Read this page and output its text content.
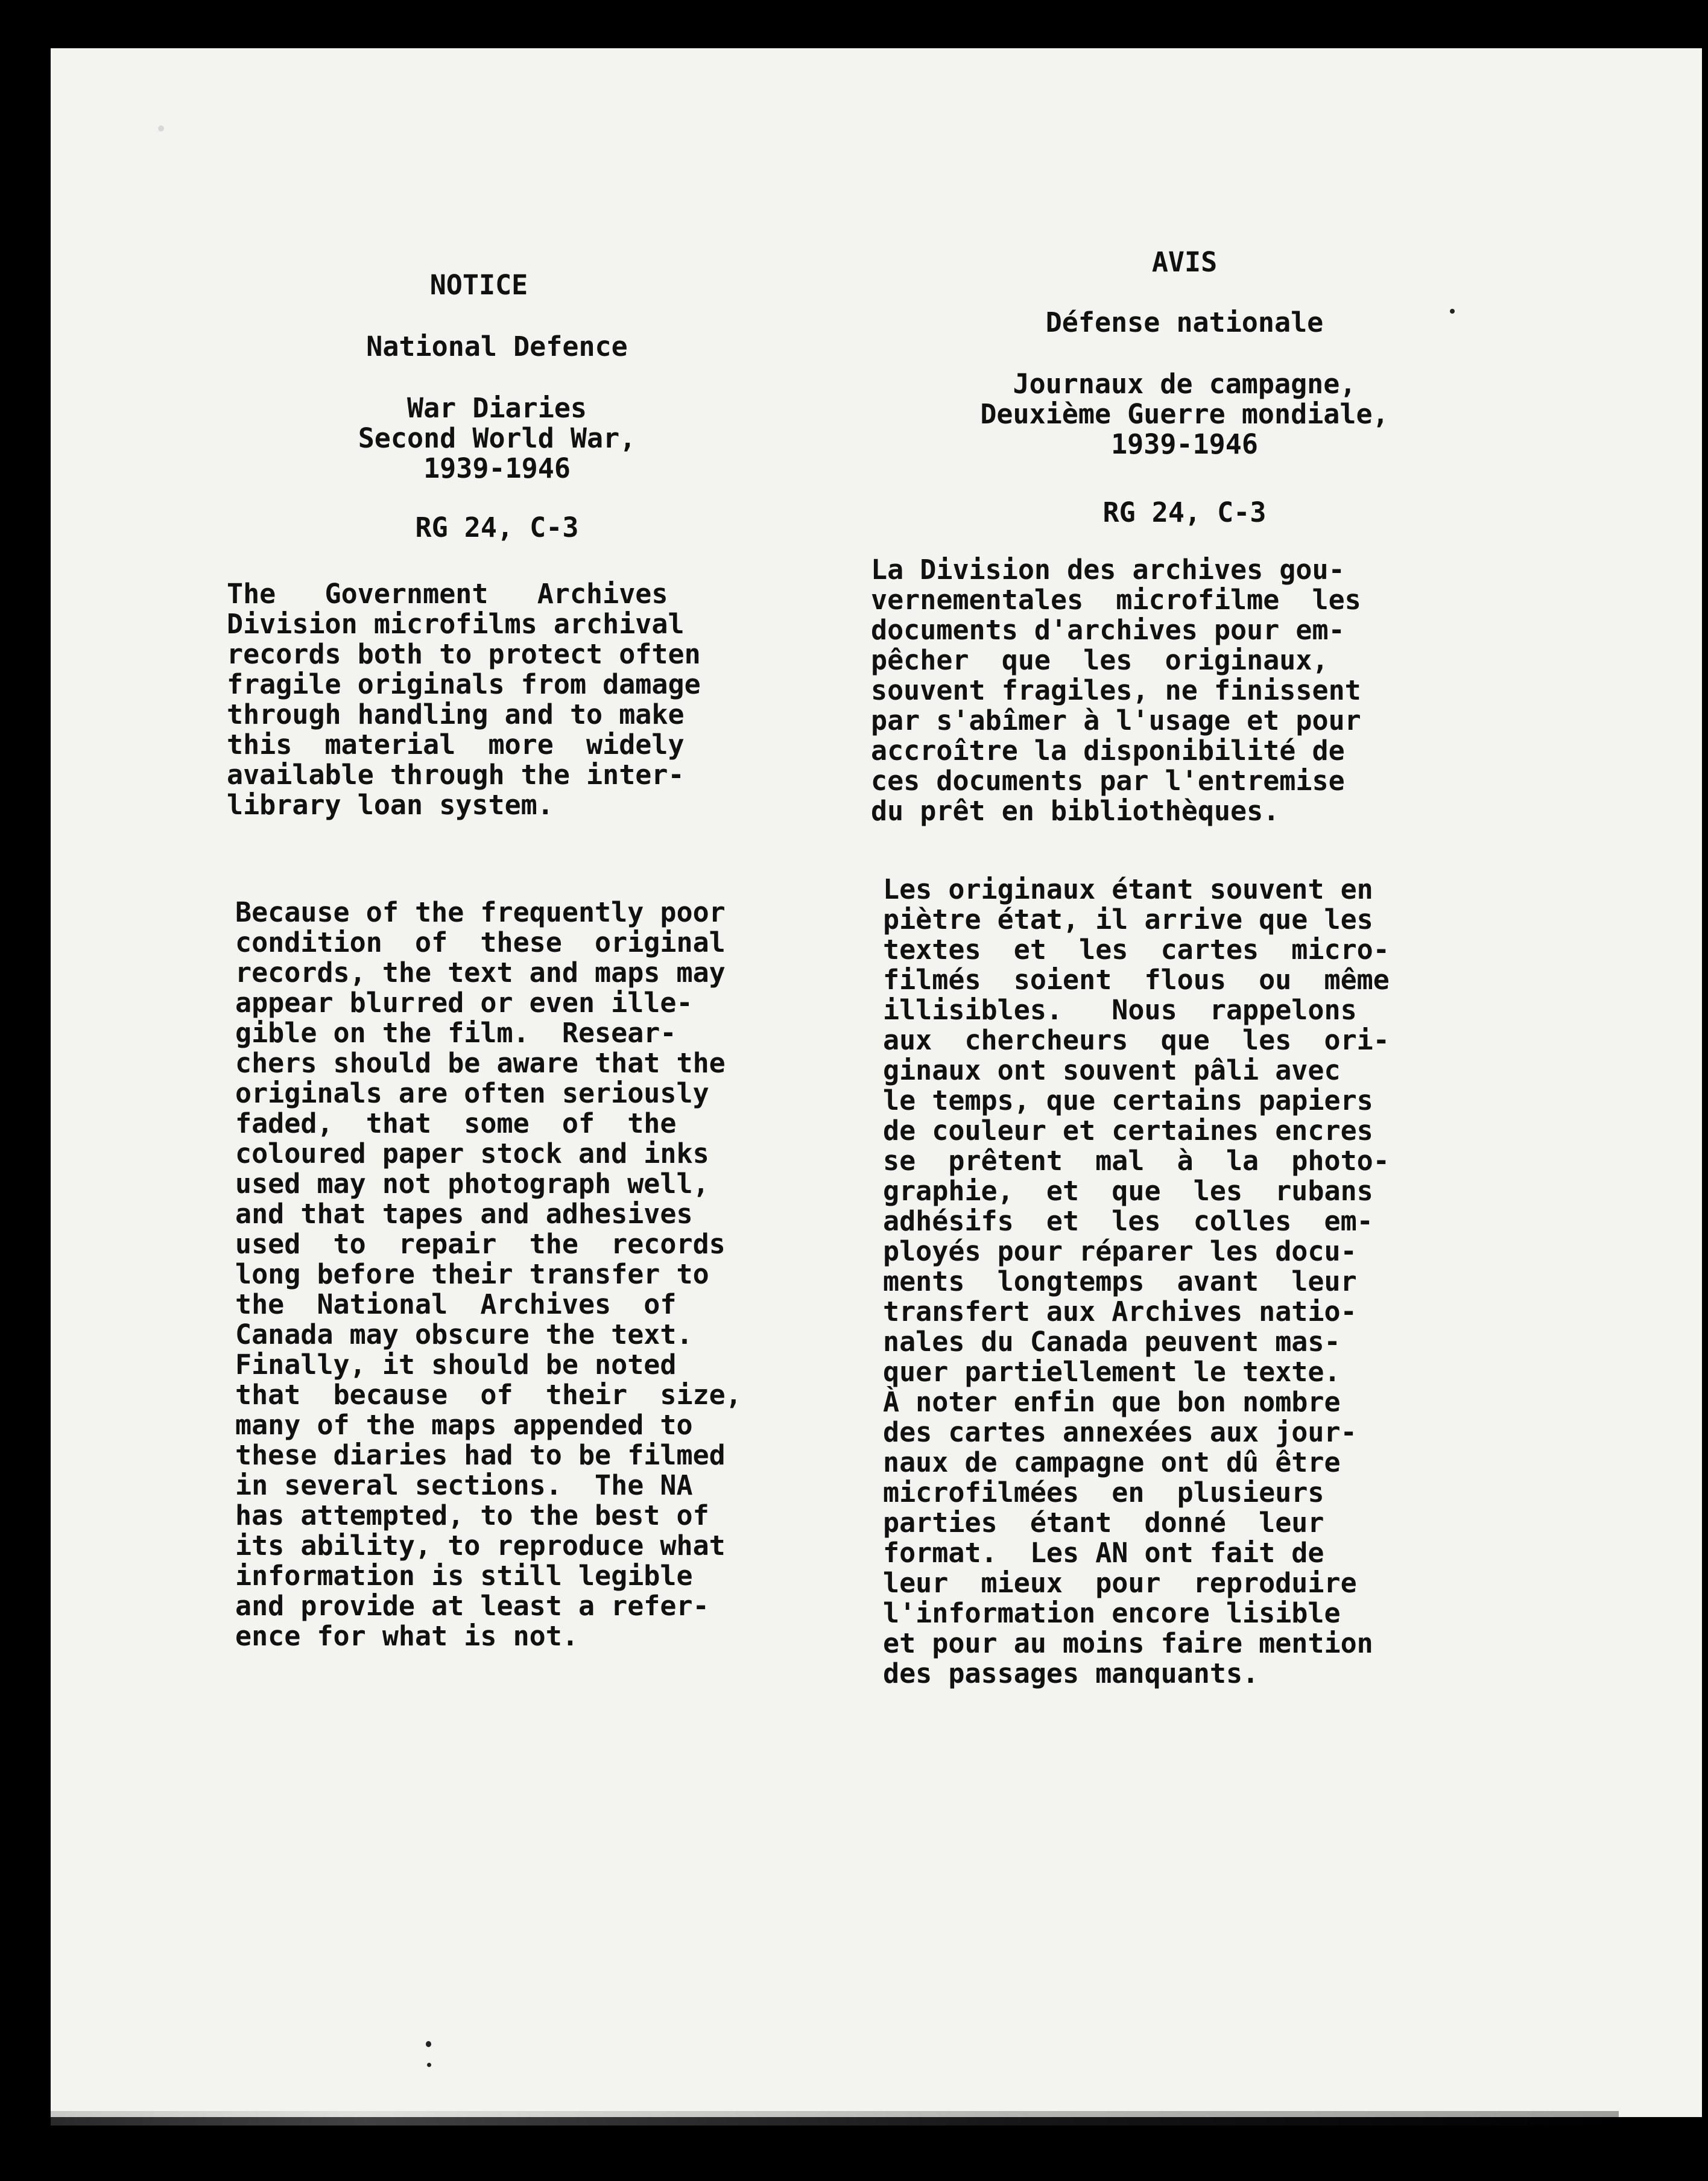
NOTICE
National Defence
War Diaries
Second World War,
1939-1946
RG 24, C-3
The   Government   Archives
Division microfilms archival
records both to protect often
fragile originals from damage
through handling and to make
this  material  more  widely
available through the inter-
library loan system.
Because of the frequently poor
condition  of  these  original
records, the text and maps may
appear blurred or even ille-
gible on the film.  Resear-
chers should be aware that the
originals are often seriously
faded,  that  some  of  the
coloured paper stock and inks
used may not photograph well,
and that tapes and adhesives
used  to  repair  the  records
long before their transfer to
the  National  Archives  of
Canada may obscure the text.
Finally, it should be noted
that  because  of  their  size,
many of the maps appended to
these diaries had to be filmed
in several sections.  The NA
has attempted, to the best of
its ability, to reproduce what
information is still legible
and provide at least a refer-
ence for what is not.
AVIS
Défense nationale
Journaux de campagne,
Deuxième Guerre mondiale,
1939-1946
RG 24, C-3
La Division des archives gou-
vernementales  microfilme  les
documents d'archives pour em-
pêcher  que  les  originaux,
souvent fragiles, ne finissent
par s'abîmer à l'usage et pour
accroître la disponibilité de
ces documents par l'entremise
du prêt en bibliothèques.
Les originaux étant souvent en
piètre état, il arrive que les
textes  et  les  cartes  micro-
filmés  soient  flous  ou  même
illisibles.   Nous  rappelons
aux  chercheurs  que  les  ori-
ginaux ont souvent pâli avec
le temps, que certains papiers
de couleur et certaines encres
se  prêtent  mal  à  la  photo-
graphie,  et  que  les  rubans
adhésifs  et  les  colles  em-
ployés pour réparer les docu-
ments  longtemps  avant  leur
transfert aux Archives natio-
nales du Canada peuvent mas-
quer partiellement le texte.
À noter enfin que bon nombre
des cartes annexées aux jour-
naux de campagne ont dû être
microfilmées  en  plusieurs
parties  étant  donné  leur
format.  Les AN ont fait de
leur  mieux  pour  reproduire
l'information encore lisible
et pour au moins faire mention
des passages manquants.
